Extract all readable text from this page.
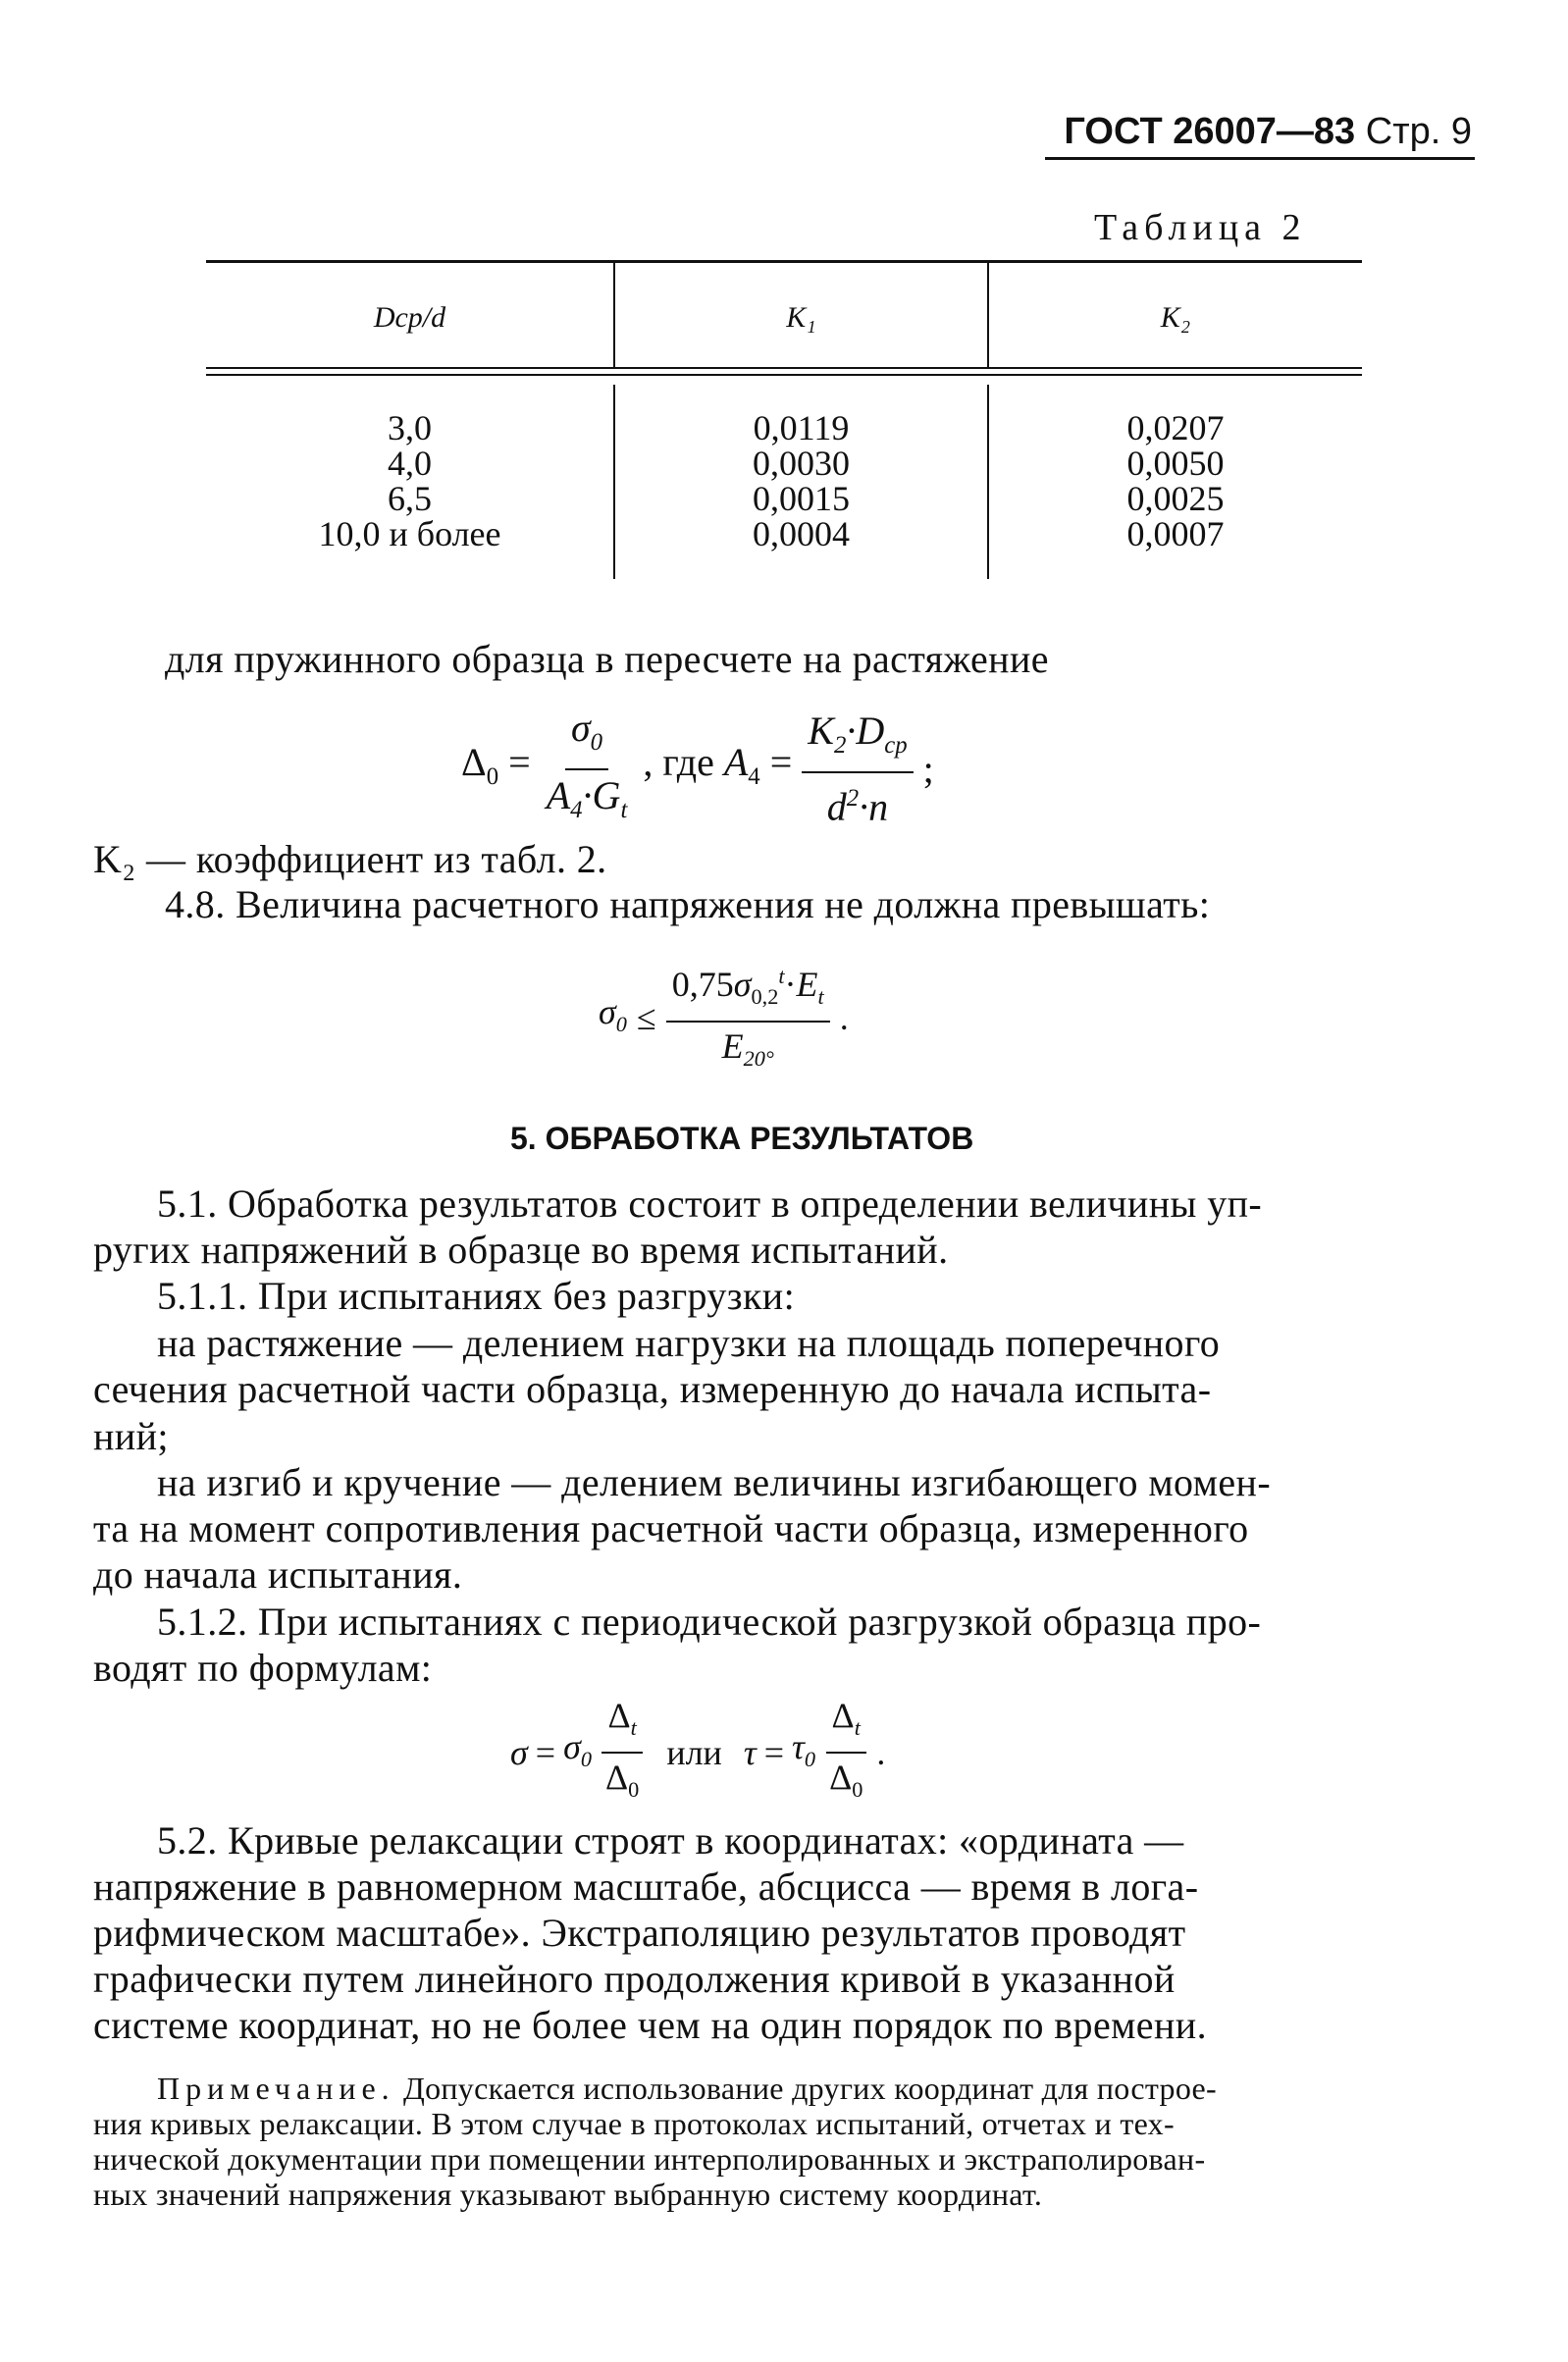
ГОСТ 26007—83 Стр. 9
Таблица 2
Dср/d	K₁	K₂
3,0	0,0119	0,0207
4,0	0,0030	0,0050
6,5	0,0015	0,0025
10,0 и более	0,0004	0,0007
для пружинного образца в пересчете на растяжение
$\Delta_0 = \frac{\sigma_0}{A_4\cdot G_t}$ , где $A_4 = \frac{K_2\cdot D_{ср}}{d^2\cdot n}$ ;
K₂ — коэффициент из табл. 2.
4.8. Величина расчетного напряжения не должна превышать:
$\sigma_0 \le \frac{0,75\sigma_{0,2}^t\cdot E_t}{E_{20^\circ}}$ .
5. ОБРАБОТКА РЕЗУЛЬТАТОВ
5.1. Обработка результатов состоит в определении величины уп-
ругих напряжений в образце во время испытаний.
5.1.1. При испытаниях без разгрузки:
на растяжение — делением нагрузки на площадь поперечного
сечения расчетной части образца, измеренную до начала испыта-
ний;
на изгиб и кручение — делением величины изгибающего момен-
та на момент сопротивления расчетной части образца, измеренного
до начала испытания.
5.1.2. При испытаниях с периодической разгрузкой образца про-
водят по формулам:
$\sigma = \sigma_0 \frac{\Delta_t}{\Delta_0}$ или $\tau = \tau_0 \frac{\Delta_t}{\Delta_0}$ .
5.2. Кривые релаксации строят в координатах: «ордината —
напряжение в равномерном масштабе, абсцисса — время в лога-
рифмическом масштабе». Экстраполяцию результатов проводят
графически путем линейного продолжения кривой в указанной
системе координат, но не более чем на один порядок по времени.
Примечание. Допускается использование других координат для построе-
ния кривых релаксации. В этом случае в протоколах испытаний, отчетах и тех-
нической документации при помещении интерполированных и экстраполирован-
ных значений напряжения указывают выбранную систему координат.
